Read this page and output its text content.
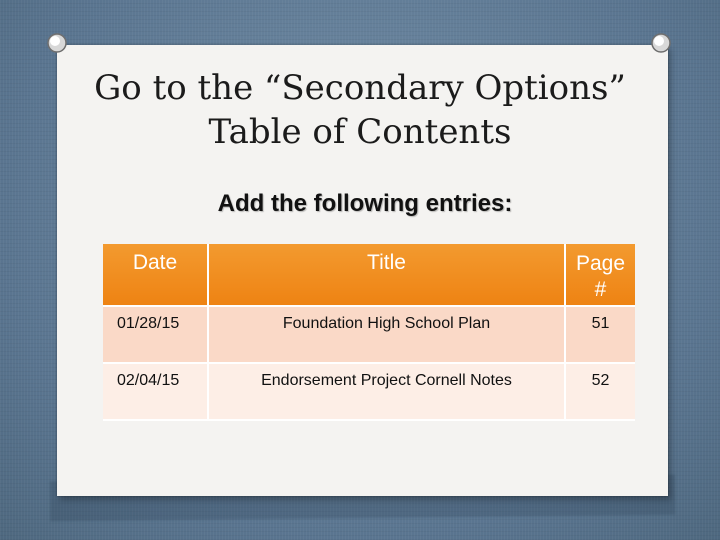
Go to the “Secondary Options”
Table of Contents
Add the following entries:
Date	Title	Page
#

01/28/15	Foundation High School Plan	51
02/04/15	Endorsement Project Cornell Notes	52
